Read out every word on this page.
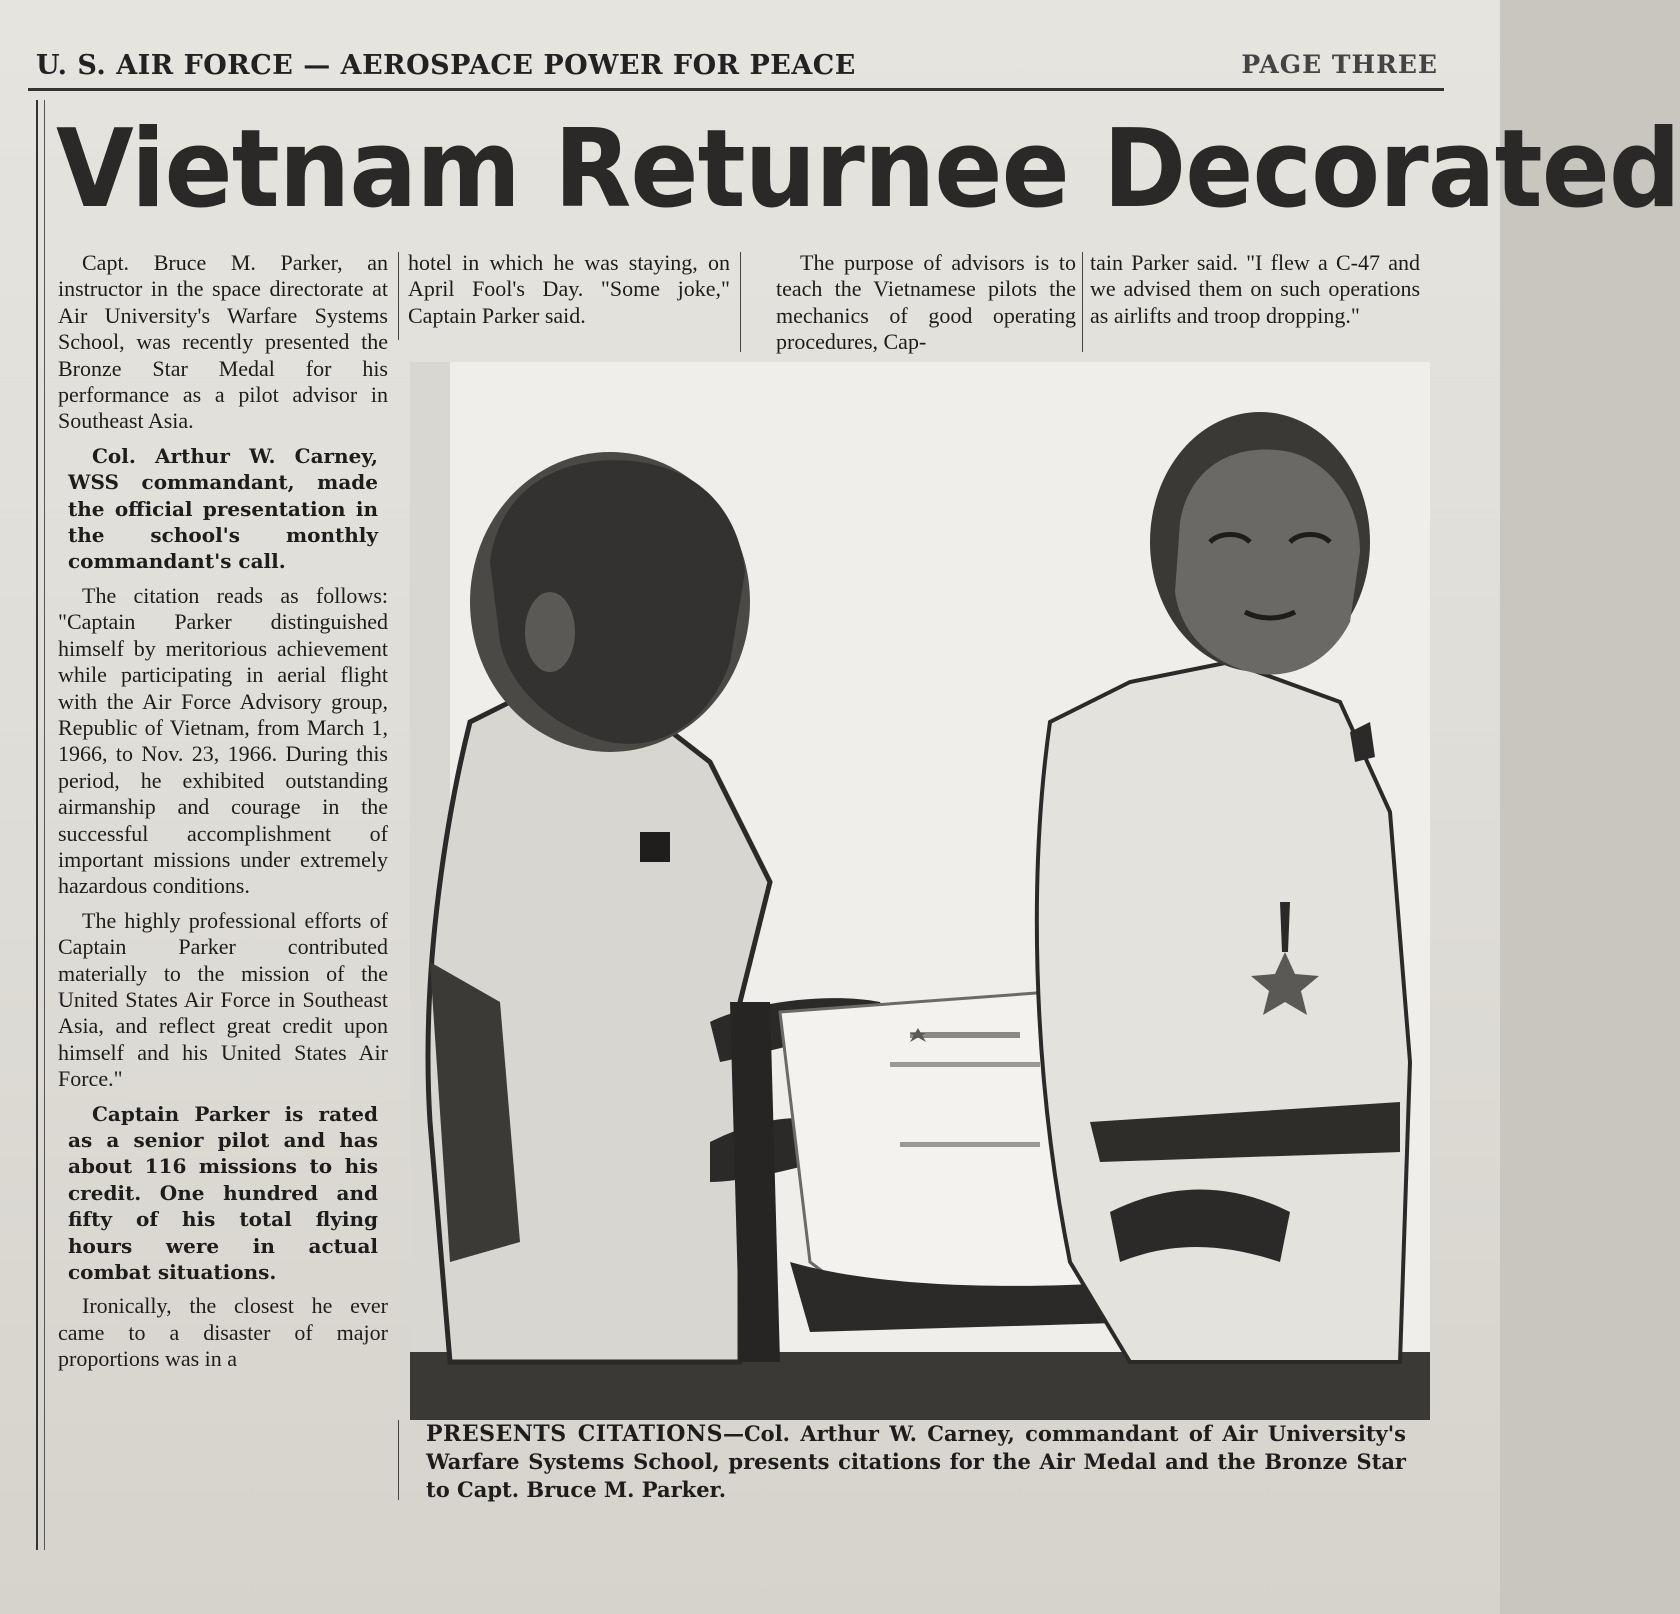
U. S. AIR FORCE — AEROSPACE POWER FOR PEACE	PAGE THREE
Vietnam Returnee Decorated

Capt. Bruce M. Parker, an instructor in the space directorate at Air University's Warfare Systems School, was recently presented the Bronze Star Medal for his performance as a pilot advisor in Southeast Asia.

Col. Arthur W. Carney, WSS commandant, made the official presentation in the school's monthly commandant's call.

The citation reads as follows: "Captain Parker distinguished himself by meritorious achievement while participating in aerial flight with the Air Force Advisory group, Republic of Vietnam, from March 1, 1966, to Nov. 23, 1966. During this period, he exhibited outstanding airmanship and courage in the successful accomplishment of important missions under extremely hazardous conditions.

The highly professional efforts of Captain Parker contributed materially to the mission of the United States Air Force in Southeast Asia, and reflect great credit upon himself and his United States Air Force."

Captain Parker is rated as a senior pilot and has about 116 missions to his credit. One hundred and fifty of his total flying hours were in actual combat situations.

Ironically, the closest he ever came to a disaster of major proportions was in a

hotel in which he was staying, on April Fool's Day. "Some joke," Captain Parker said.

The purpose of advisors is to teach the Vietnamese pilots the mechanics of good operating procedures, Cap-

tain Parker said. "I flew a C-47 and we advised them on such operations as airlifts and troop dropping."

PRESENTS CITATIONS—Col. Arthur W. Carney, commandant of Air University's Warfare Systems School, presents citations for the Air Medal and the Bronze Star to Capt. Bruce M. Parker.
